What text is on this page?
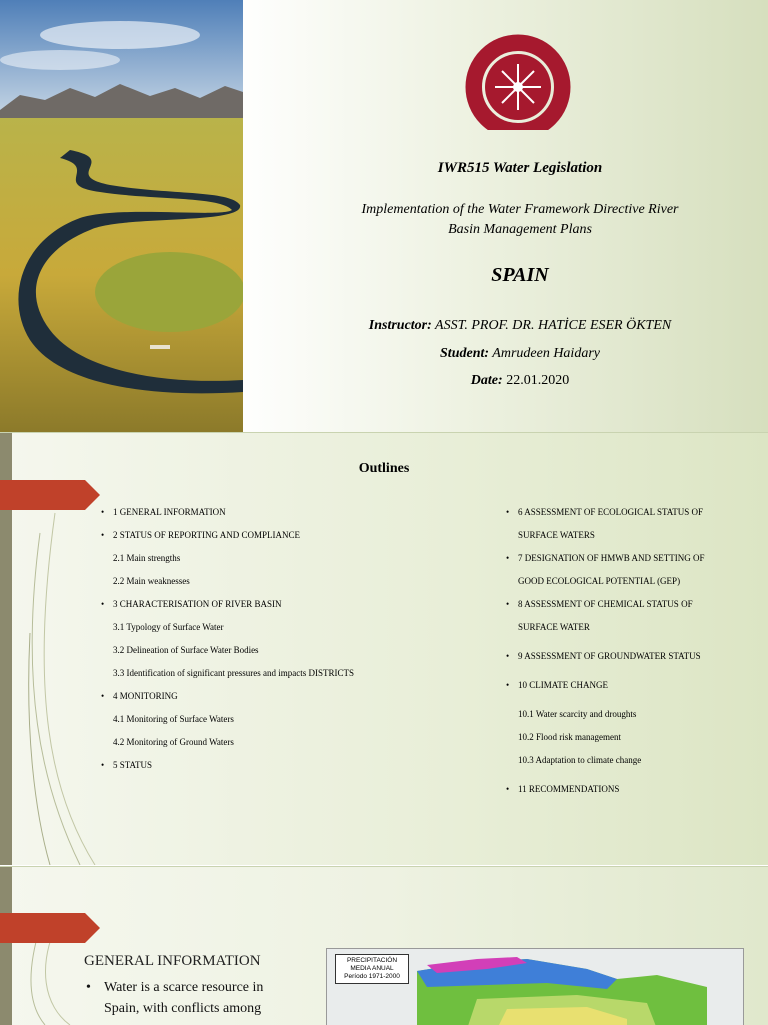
IWR515 Water Legislation
Implementation of the Water Framework Directive River
Basin Management Plans
SPAIN
Instructor: ASST. PROF. DR. HATİCE ESER ÖKTEN
Student: Amrudeen Haidary
Date: 22.01.2020
Outlines
• 1 GENERAL INFORMATION
• 2 STATUS OF REPORTING AND COMPLIANCE
2.1 Main strengths
2.2 Main weaknesses
• 3 CHARACTERISATION OF RIVER BASIN
3.1 Typology of Surface Water
3.2 Delineation of Surface Water Bodies
3.3 Identification of significant pressures and impacts DISTRICTS
• 4 MONITORING
4.1 Monitoring of Surface Waters
4.2 Monitoring of Ground Waters
• 5 STATUS
• 6 ASSESSMENT OF ECOLOGICAL STATUS OF
SURFACE WATERS
• 7 DESIGNATION OF HMWB AND SETTING OF
GOOD ECOLOGICAL POTENTIAL (GEP)
• 8 ASSESSMENT OF CHEMICAL STATUS OF
SURFACE WATER
• 9 ASSESSMENT OF GROUNDWATER STATUS
• 10 CLIMATE CHANGE
10.1 Water scarcity and droughts
10.2 Flood risk management
10.3 Adaptation to climate change
• 11 RECOMMENDATIONS
GENERAL INFORMATION
• Water is a scarce resource in
Spain, with conflicts among
PRECIPITACIÓN
MEDIA ANUAL
Período 1971-2000
